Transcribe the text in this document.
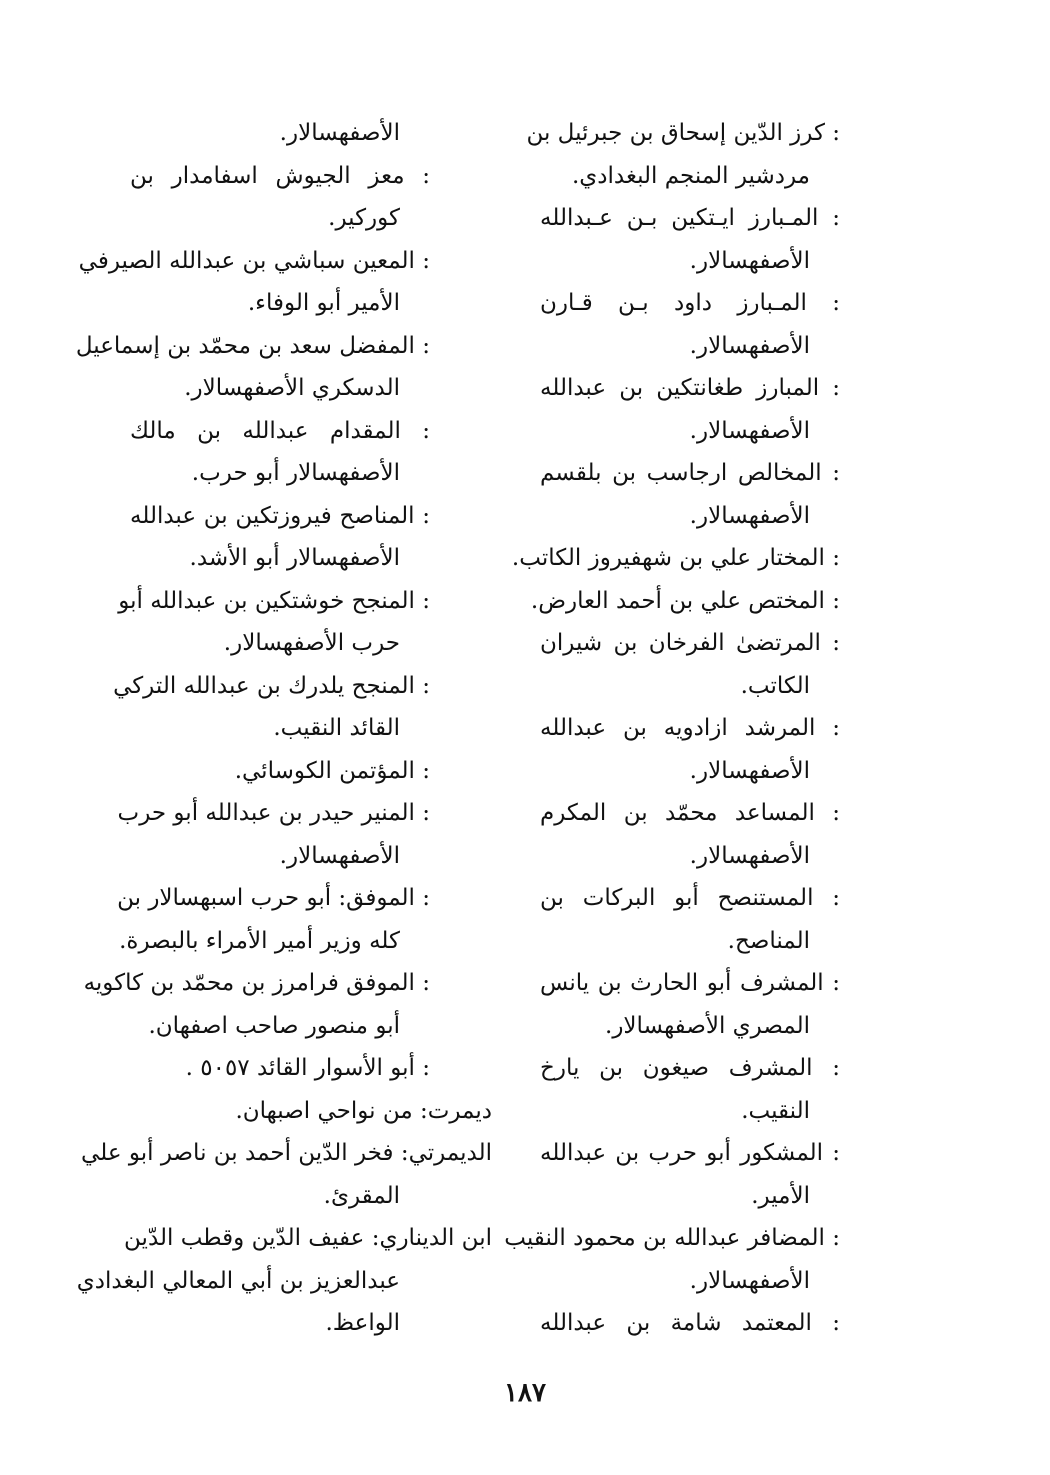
: كرز الدّين إسحاق بن جبرئيل بن
مردشير المنجم البغدادي.
: المـبارز ايـتكين بـن عـبدالله
الأصفهسالار.
: المـبارز داود بـن قـارن
الأصفهسالار.
: المبارز طغانتكين بن عبدالله
الأصفهسالار.
: المخالص ارجاسب بن بلقسم
الأصفهسالار.
: المختار علي بن شهفيروز الكاتب.
: المختص علي بن أحمد العارض.
: المرتضىٰ الفرخان بن شيران
الكاتب.
: المرشد ازادويه بن عبدالله
الأصفهسالار.
: المساعد محمّد بن المكرم
الأصفهسالار.
: المستنصح أبو البركات بن
المناصح.
: المشرف أبو الحارث بن يانس
المصري الأصفهسالار.
: المشرف صيغون بن يارخ
النقيب.
: المشكور أبو حرب بن عبدالله
الأمير.
: المضافر عبدالله بن محمود النقيب
الأصفهسالار.
: المعتمد شامة بن عبدالله
الأصفهسالار.
: معز الجيوش اسفامدار بن
كوركير.
: المعين سباشي بن عبدالله الصيرفي
الأمير أبو الوفاء.
: المفضل سعد بن محمّد بن إسماعيل
الدسكري الأصفهسالار.
: المقدام عبدالله بن مالك
الأصفهسالار أبو حرب.
: المناصح فيروزتكين بن عبدالله
الأصفهسالار أبو الأشد.
: المنجح خوشتكين بن عبدالله أبو
حرب الأصفهسالار.
: المنجح يلدرك بن عبدالله التركي
القائد النقيب.
: المؤتمن الكوسائي.
: المنير حيدر بن عبدالله أبو حرب
الأصفهسالار.
: الموفق: أبو حرب اسبهسالار بن
كله وزير أمير الأمراء بالبصرة.
: الموفق فرامرز بن محمّد بن كاكويه
أبو منصور صاحب اصفهان.
: أبو الأسوار القائد ٥٠٥٧ .
ديمرت: من نواحي اصبهان.
الديمرتي: فخر الدّين أحمد بن ناصر أبو علي
المقرئ.
ابن الديناري: عفيف الدّين وقطب الدّين
عبدالعزيز بن أبي المعالي البغدادي
الواعظ.
١٨٧
